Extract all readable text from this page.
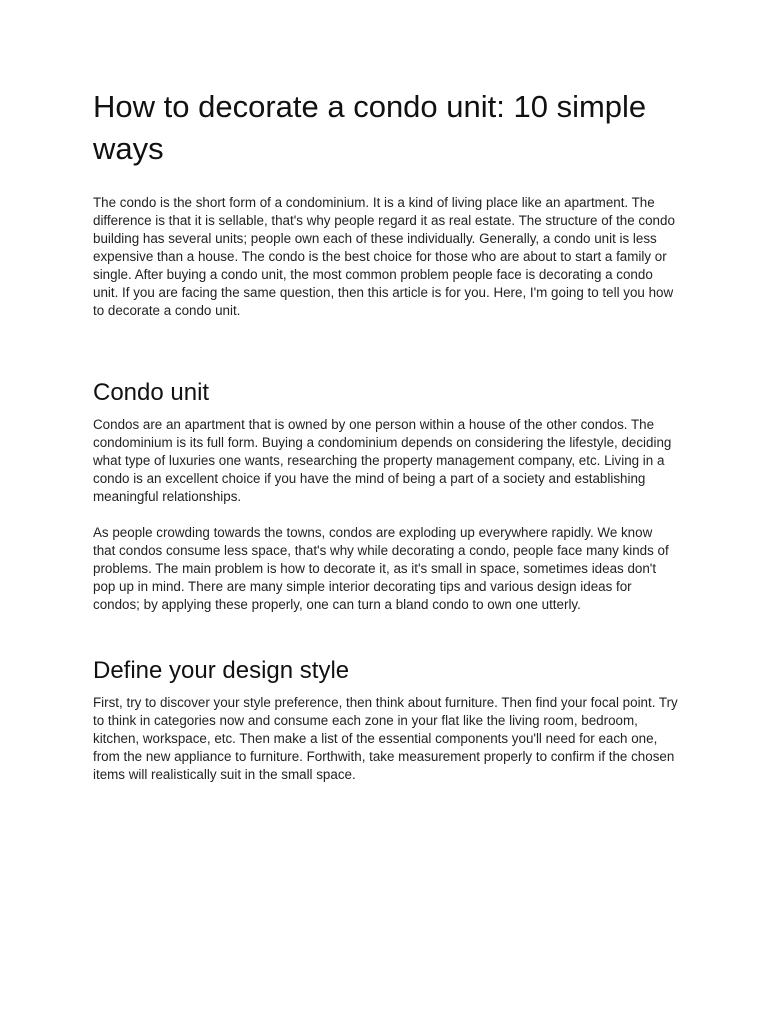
How to decorate a condo unit: 10 simple ways

The condo is the short form of a condominium. It is a kind of living place like an apartment. The difference is that it is sellable, that's why people regard it as real estate. The structure of the condo building has several units; people own each of these individually. Generally, a condo unit is less expensive than a house. The condo is the best choice for those who are about to start a family or single. After buying a condo unit, the most common problem people face is decorating a condo unit. If you are facing the same question, then this article is for you. Here, I'm going to tell you how to decorate a condo unit.

Condo unit

Condos are an apartment that is owned by one person within a house of the other condos. The condominium is its full form. Buying a condominium depends on considering the lifestyle, deciding what type of luxuries one wants, researching the property management company, etc. Living in a condo is an excellent choice if you have the mind of being a part of a society and establishing meaningful relationships.

As people crowding towards the towns, condos are exploding up everywhere rapidly. We know that condos consume less space, that's why while decorating a condo, people face many kinds of problems. The main problem is how to decorate it, as it's small in space, sometimes ideas don't pop up in mind. There are many simple interior decorating tips and various design ideas for condos; by applying these properly, one can turn a bland condo to own one utterly.

Define your design style

First, try to discover your style preference, then think about furniture. Then find your focal point. Try to think in categories now and consume each zone in your flat like the living room, bedroom, kitchen, workspace, etc. Then make a list of the essential components you'll need for each one, from the new appliance to furniture. Forthwith, take measurement properly to confirm if the chosen items will realistically suit in the small space.
